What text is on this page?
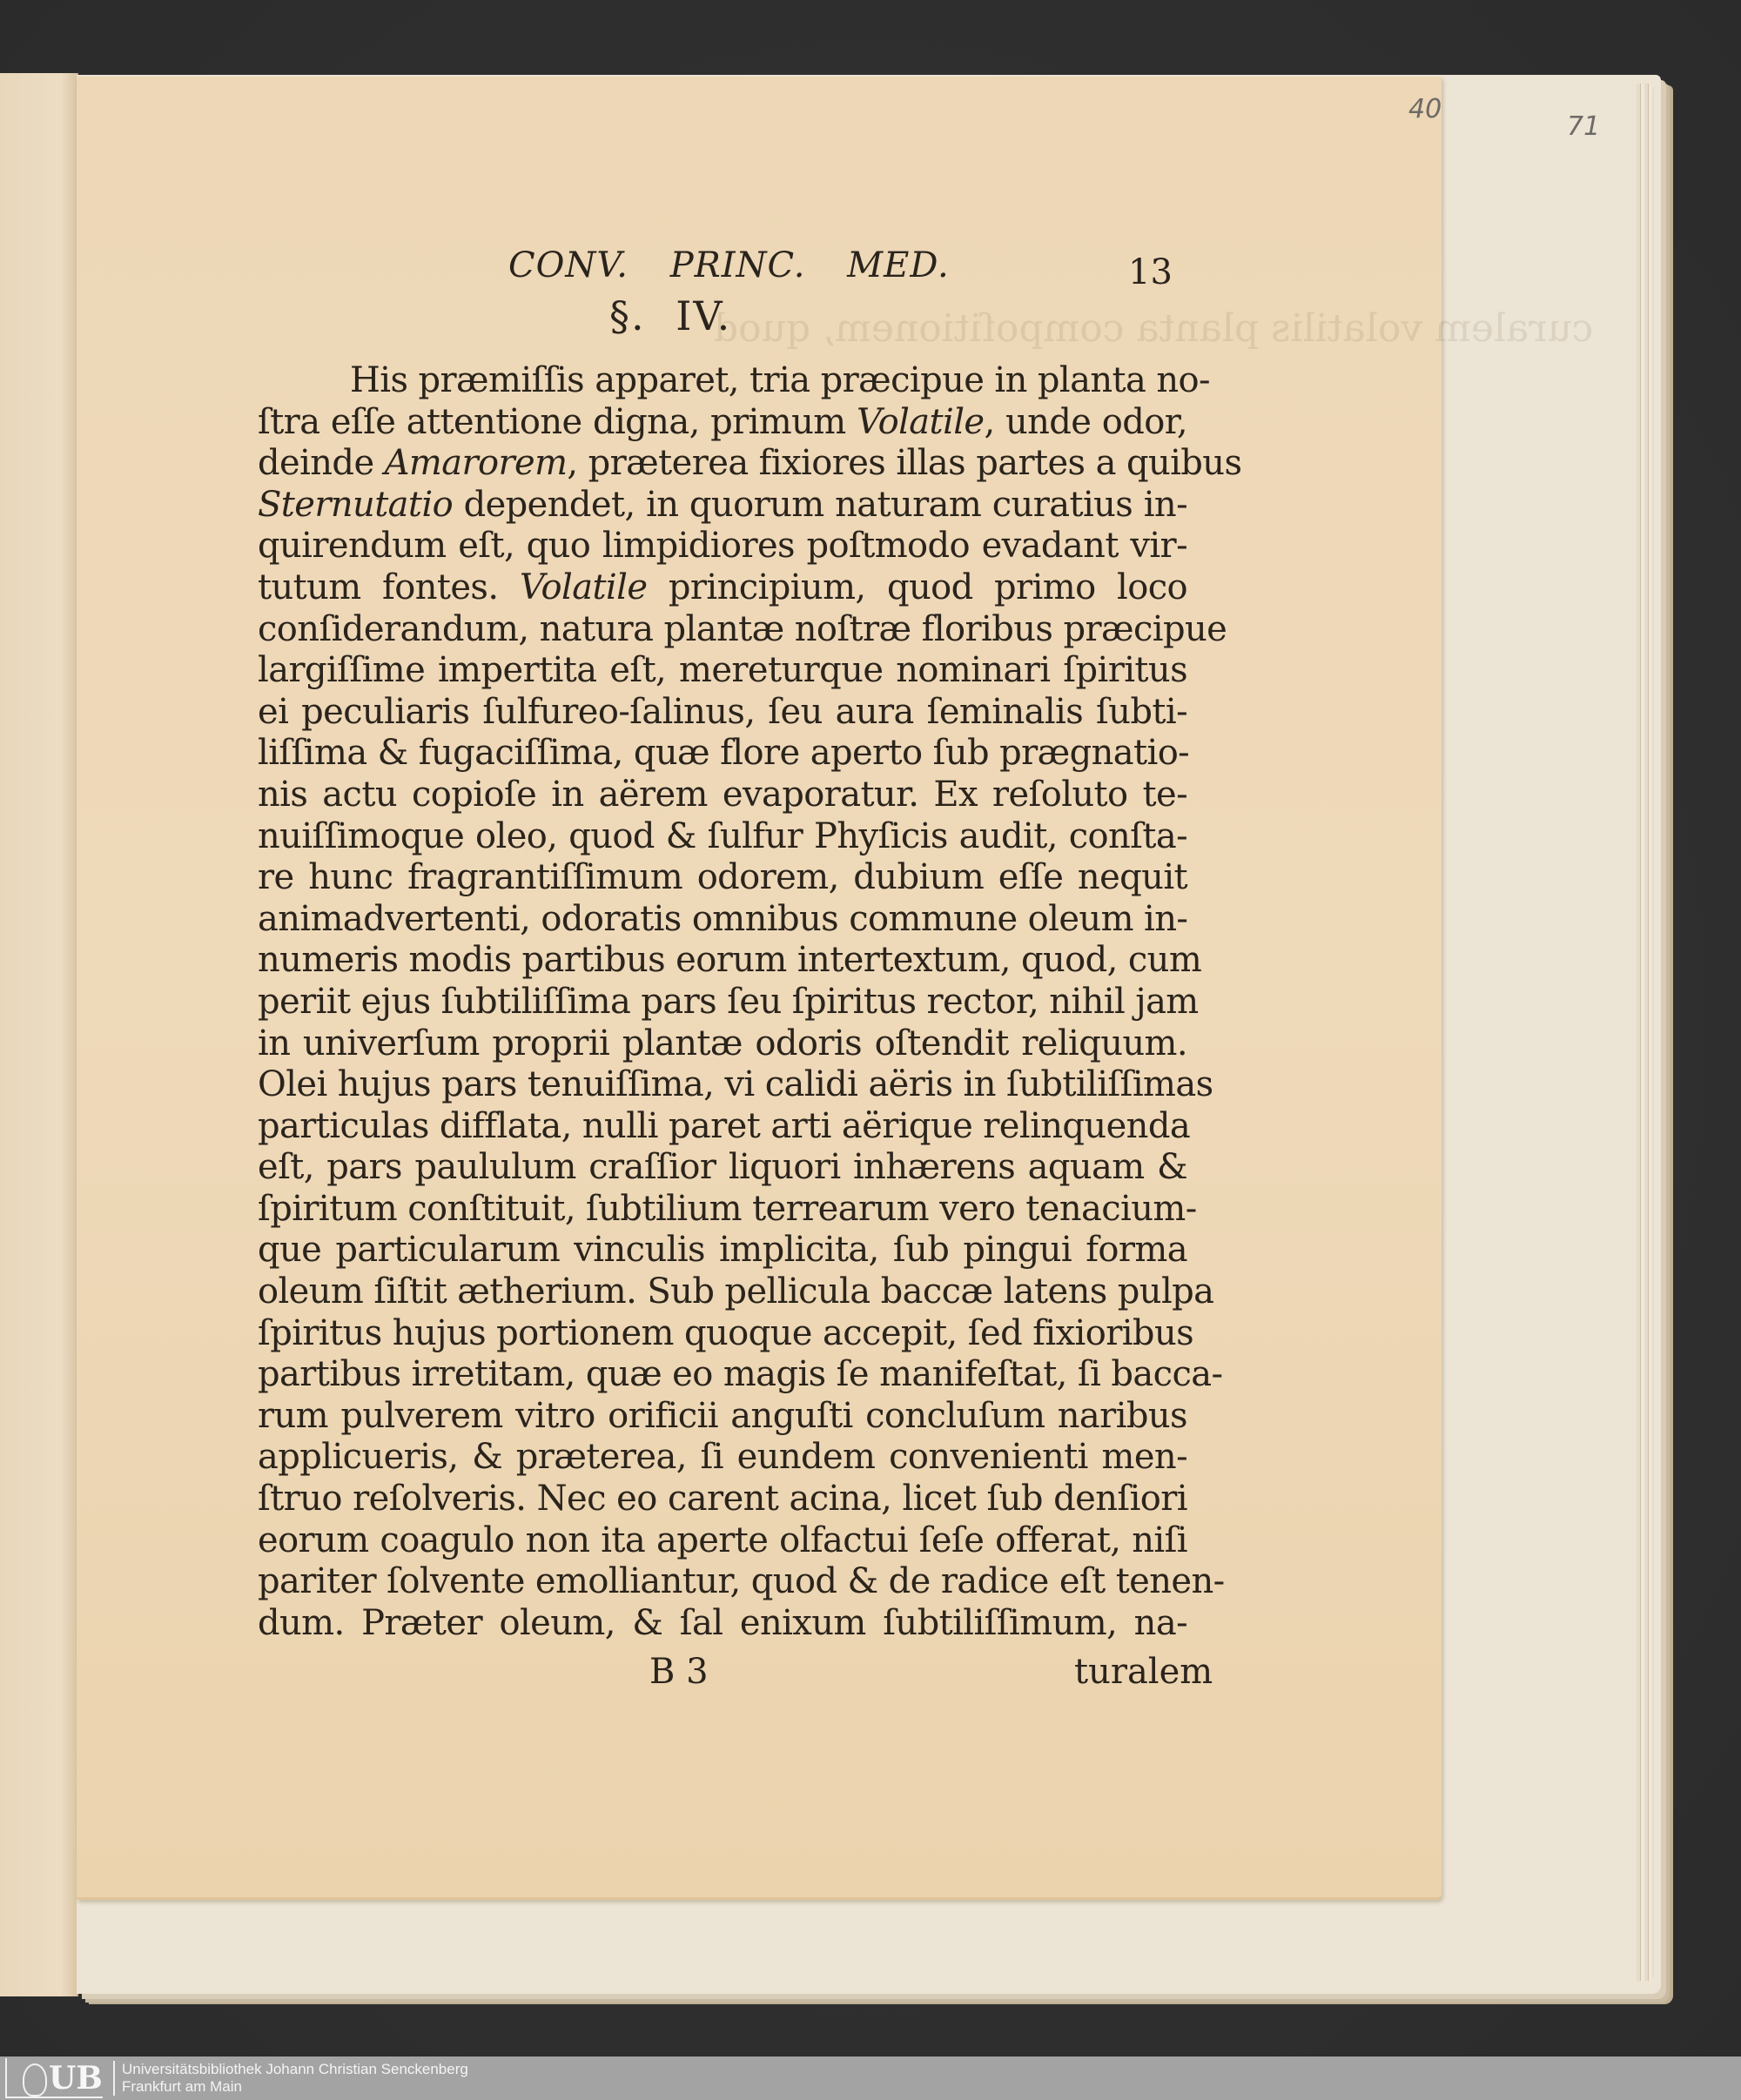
40
71
curalem volatilis planta compoſitionem, quod
CONV. PRINC. MED.	13
§. IV.
His præmiſſis apparet, tria præcipue in planta no-
ſtra eſſe attentione digna, primum Volatile, unde odor,
deinde Amarorem, præterea fixiores illas partes a quibus
Sternutatio dependet, in quorum naturam curatius in-
quirendum eſt, quo limpidiores poſtmodo evadant vir-
tutum fontes. Volatile principium, quod primo loco
conſiderandum, natura plantæ noſtræ floribus præcipue
largiſſime impertita eſt, mereturque nominari ſpiritus
ei peculiaris ſulfureo-ſalinus, ſeu aura ſeminalis ſubti-
liſſima & fugaciſſima, quæ flore aperto ſub prægnatio-
nis actu copioſe in aërem evaporatur. Ex reſoluto te-
nuiſſimoque oleo, quod & ſulfur Phyſicis audit, conſta-
re hunc fragrantiſſimum odorem, dubium eſſe nequit
animadvertenti, odoratis omnibus commune oleum in-
numeris modis partibus eorum intertextum, quod, cum
periit ejus ſubtiliſſima pars ſeu ſpiritus rector, nihil jam
in univerſum proprii plantæ odoris oſtendit reliquum.
Olei hujus pars tenuiſſima, vi calidi aëris in ſubtiliſſimas
particulas difflata, nulli paret arti aërique relinquenda
eſt, pars paululum craſſior liquori inhærens aquam &
ſpiritum conſtituit, ſubtilium terrearum vero tenacium-
que particularum vinculis implicita, ſub pingui forma
oleum ſiſtit ætherium. Sub pellicula baccæ latens pulpa
ſpiritus hujus portionem quoque accepit, ſed fixioribus
partibus irretitam, quæ eo magis ſe manifeſtat, ſi bacca-
rum pulverem vitro orificii anguſti concluſum naribus
applicueris, & præterea, ſi eundem convenienti men-
ſtruo reſolveris. Nec eo carent acina, licet ſub denſiori
eorum coagulo non ita aperte olfactui ſeſe offerat, niſi
pariter ſolvente emolliantur, quod & de radice eſt tenen-
dum. Præter oleum, & ſal enixum ſubtiliſſimum, na-
B 3	turalem
UB Universitätsbibliothek Johann Christian Senckenberg
Frankfurt am Main
